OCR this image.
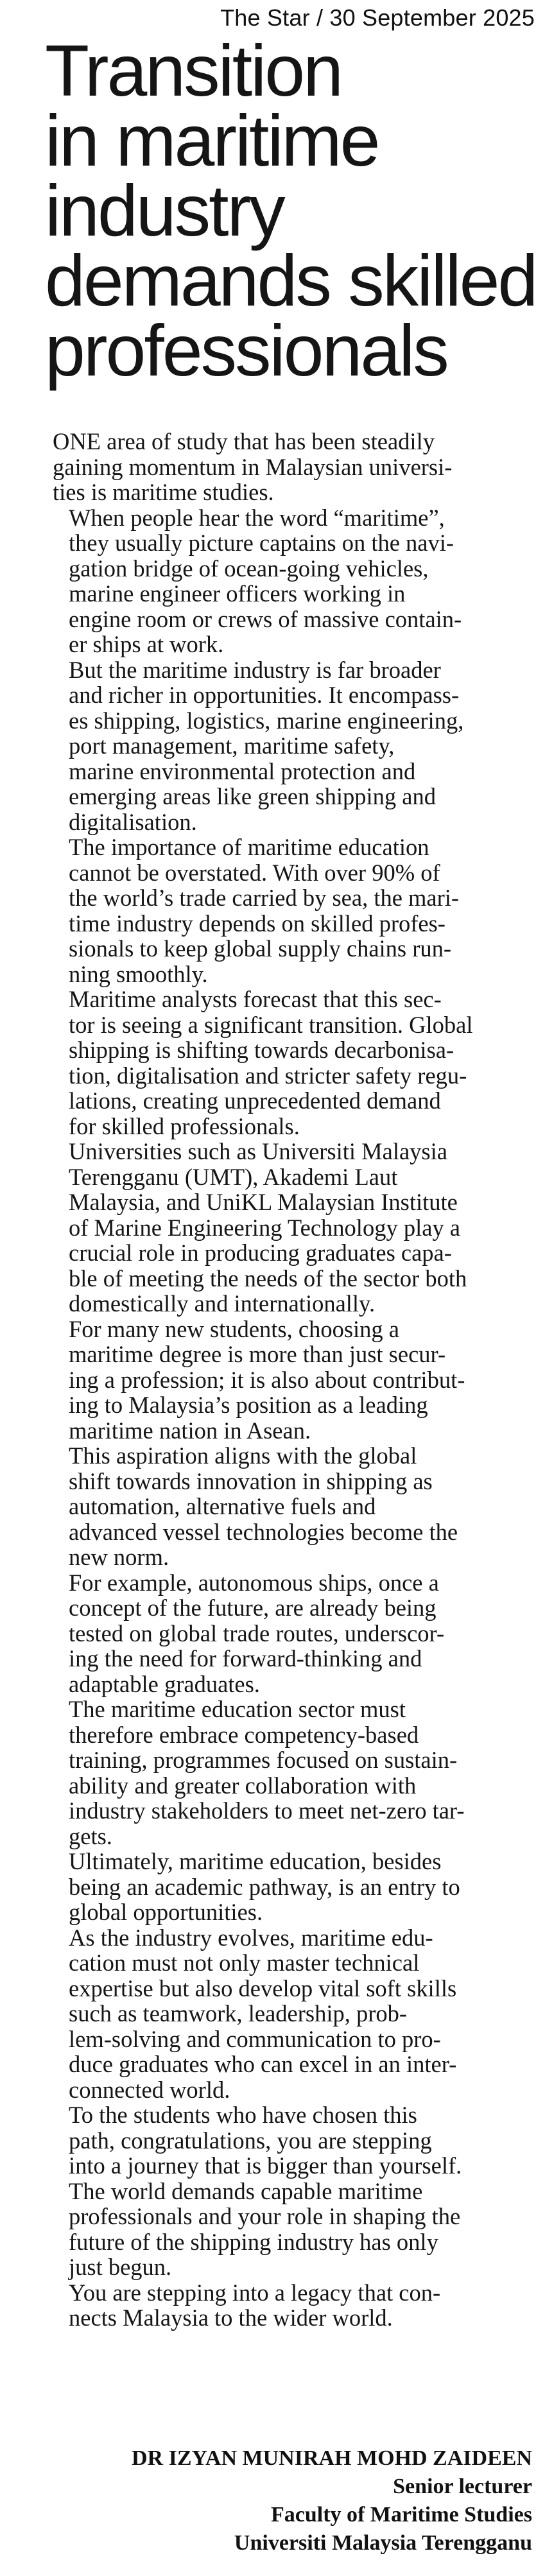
The Star / 30 September 2025
Transition
in maritime
industry
demands skilled
professionals

ONE area of study that has been steadily
gaining momentum in Malaysian universi-
ties is maritime studies.

When people hear the word “maritime”,
they usually picture captains on the navi-
gation bridge of ocean-going vehicles,
marine engineer officers working in
engine room or crews of massive contain-
er ships at work.

But the maritime industry is far broader
and richer in opportunities. It encompass-
es shipping, logistics, marine engineering,
port management, maritime safety,
marine environmental protection and
emerging areas like green shipping and
digitalisation.

The importance of maritime education
cannot be overstated. With over 90% of
the world’s trade carried by sea, the mari-
time industry depends on skilled profes-
sionals to keep global supply chains run-
ning smoothly.

Maritime analysts forecast that this sec-
tor is seeing a significant transition. Global
shipping is shifting towards decarbonisa-
tion, digitalisation and stricter safety regu-
lations, creating unprecedented demand
for skilled professionals.

Universities such as Universiti Malaysia
Terengganu (UMT), Akademi Laut
Malaysia, and UniKL Malaysian Institute
of Marine Engineering Technology play a
crucial role in producing graduates capa-
ble of meeting the needs of the sector both
domestically and internationally.

For many new students, choosing a
maritime degree is more than just secur-
ing a profession; it is also about contribut-
ing to Malaysia’s position as a leading
maritime nation in Asean.

This aspiration aligns with the global
shift towards innovation in shipping as
automation, alternative fuels and
advanced vessel technologies become the
new norm.

For example, autonomous ships, once a
concept of the future, are already being
tested on global trade routes, underscor-
ing the need for forward-thinking and
adaptable graduates.

The maritime education sector must
therefore embrace competency-based
training, programmes focused on sustain-
ability and greater collaboration with
industry stakeholders to meet net-zero tar-
gets.

Ultimately, maritime education, besides
being an academic pathway, is an entry to
global opportunities.

As the industry evolves, maritime edu-
cation must not only master technical
expertise but also develop vital soft skills
such as teamwork, leadership, prob-
lem-solving and communication to pro-
duce graduates who can excel in an inter-
connected world.

To the students who have chosen this
path, congratulations, you are stepping
into a journey that is bigger than yourself.
The world demands capable maritime
professionals and your role in shaping the
future of the shipping industry has only
just begun.

You are stepping into a legacy that con-
nects Malaysia to the wider world.

DR IZYAN MUNIRAH MOHD ZAIDEEN
Senior lecturer
Faculty of Maritime Studies
Universiti Malaysia Terengganu
